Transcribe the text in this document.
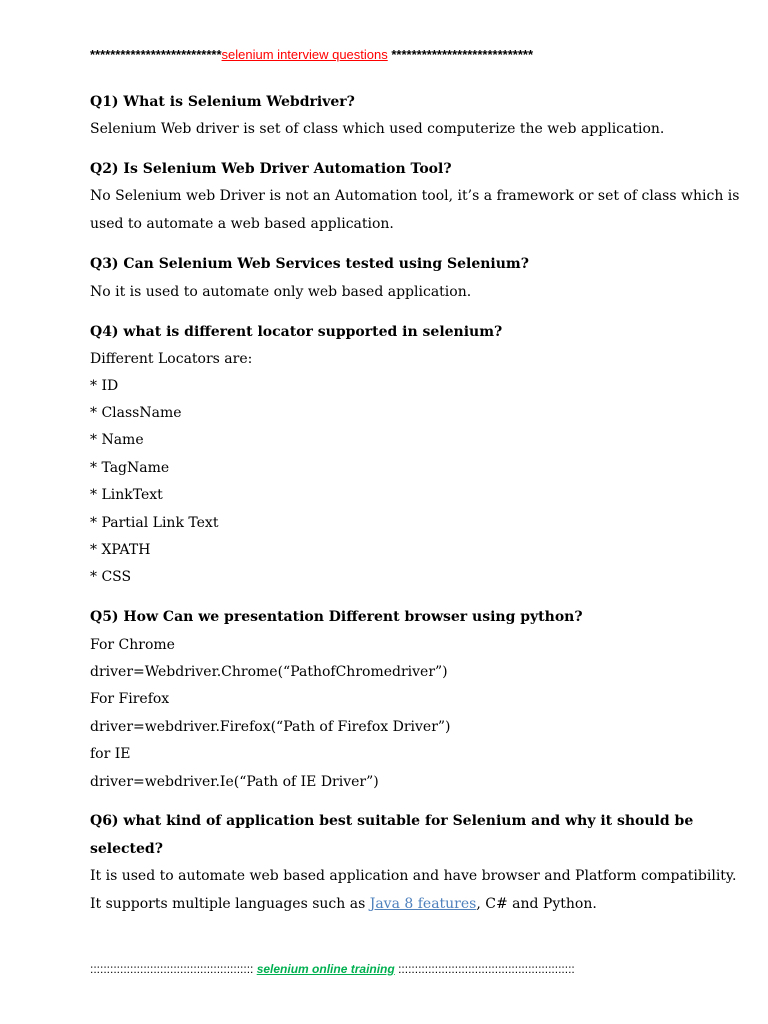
**************************selenium interview questions ****************************
Q1) What is Selenium Webdriver?
Selenium Web driver is set of class which used computerize the web application.
Q2) Is Selenium Web Driver Automation Tool?
No Selenium web Driver is not an Automation tool, it’s a framework or set of class which is
used to automate a web based application.
Q3) Can Selenium Web Services tested using Selenium?
No it is used to automate only web based application.
Q4) what is different locator supported in selenium?
Different Locators are:
* ID
* ClassName
* Name
* TagName
* LinkText
* Partial Link Text
* XPATH
* CSS
Q5) How Can we presentation Different browser using python?
For Chrome
driver=Webdriver.Chrome(“PathofChromedriver”)
For Firefox
driver=webdriver.Firefox(“Path of Firefox Driver”)
for IE
driver=webdriver.Ie(“Path of IE Driver”)
Q6) what kind of application best suitable for Selenium and why it should be
selected?
It is used to automate web based application and have browser and Platform compatibility.
It supports multiple languages such as Java 8 features, C# and Python.
::::::::::::::::::::::::::::::::::::::::::::::::: selenium online training :::::::::::::::::::::::::::::::::::::::::::::::::::::
